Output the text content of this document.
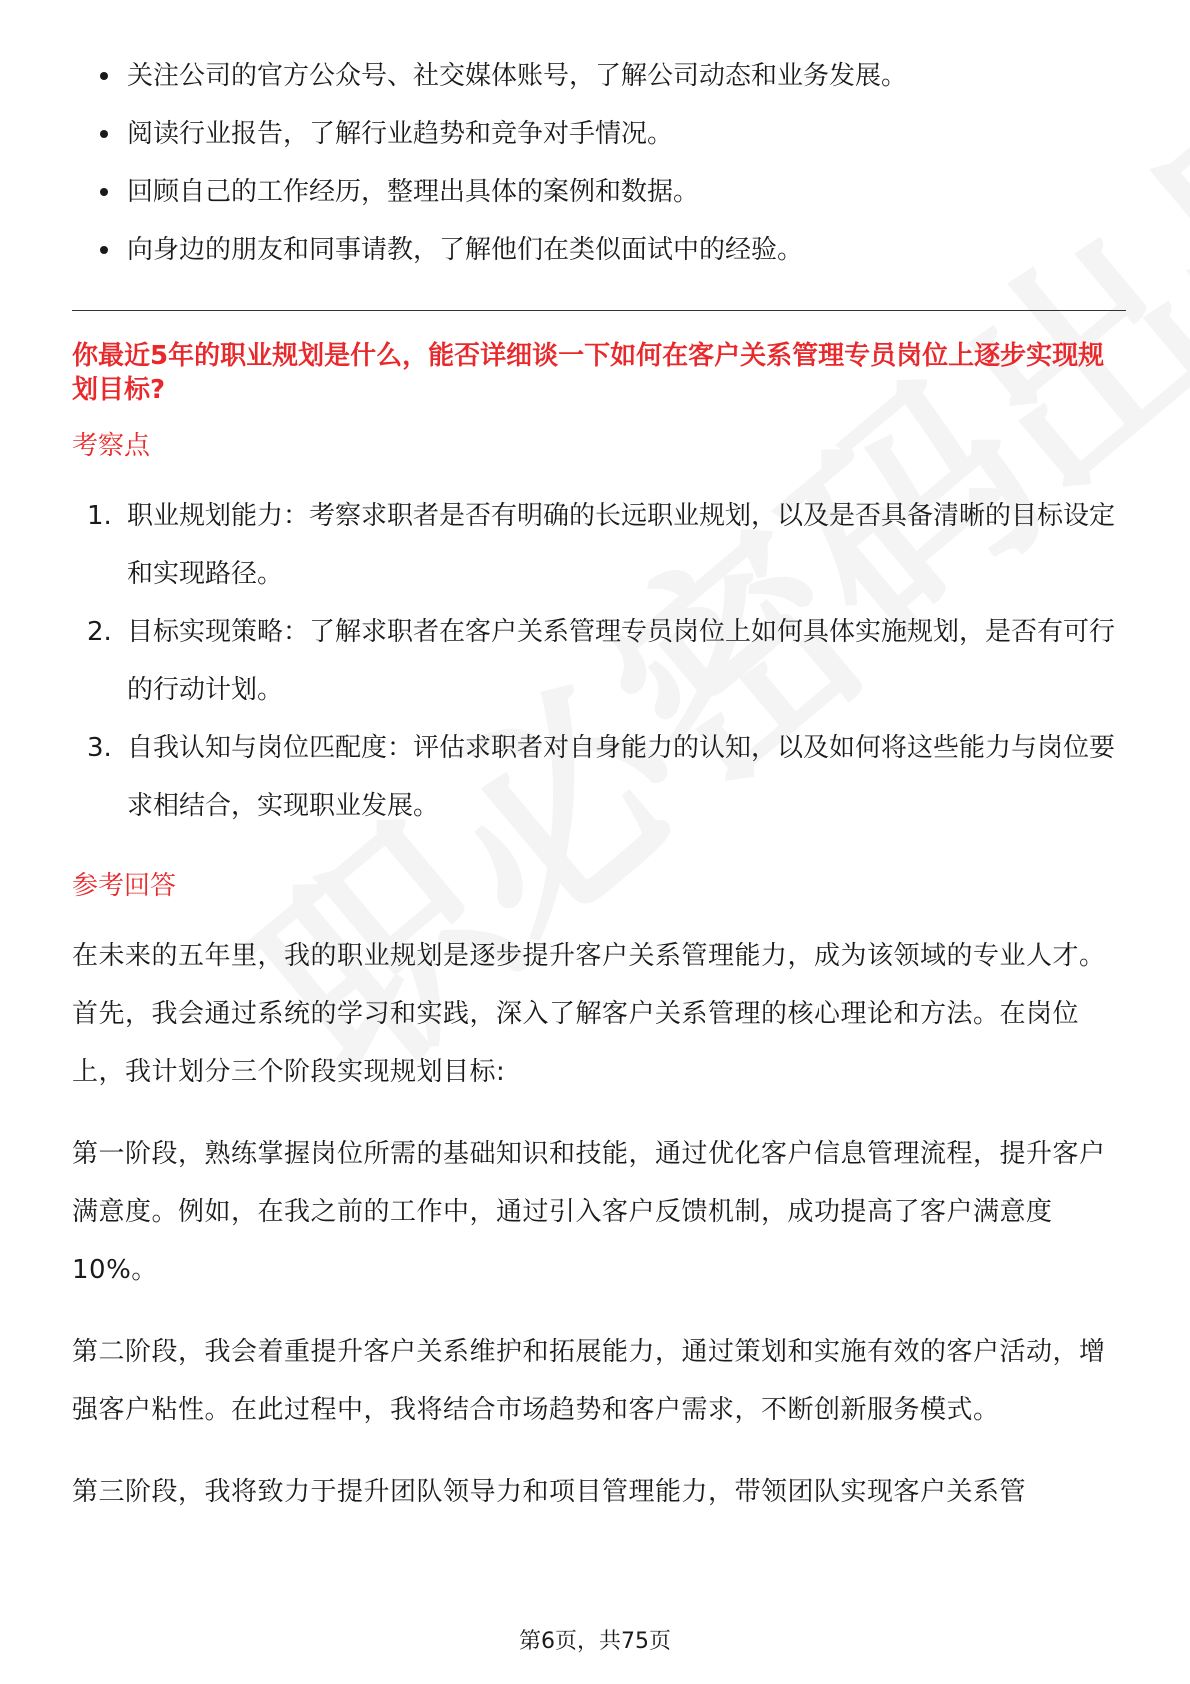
关注公司的官方公众号、社交媒体账号，了解公司动态和业务发展。
阅读行业报告，了解行业趋势和竞争对手情况。
回顾自己的工作经历，整理出具体的案例和数据。
向身边的朋友和同事请教，了解他们在类似面试中的经验。
你最近5年的职业规划是什么，能否详细谈一下如何在客户关系管理专员岗位上逐步实现规划目标?
考察点
1. 职业规划能力：考察求职者是否有明确的长远职业规划，以及是否具备清晰的目标设定和实现路径。
2. 目标实现策略：了解求职者在客户关系管理专员岗位上如何具体实施规划，是否有可行的行动计划。
3. 自我认知与岗位匹配度：评估求职者对自身能力的认知，以及如何将这些能力与岗位要求相结合，实现职业发展。
参考回答

在未来的五年里，我的职业规划是逐步提升客户关系管理能力，成为该领域的专业人才。首先，我会通过系统的学习和实践，深入了解客户关系管理的核心理论和方法。在岗位上，我计划分三个阶段实现规划目标:

第一阶段，熟练掌握岗位所需的基础知识和技能，通过优化客户信息管理流程，提升客户满意度。例如，在我之前的工作中，通过引入客户反馈机制，成功提高了客户满意度10%。

第二阶段，我会着重提升客户关系维护和拓展能力，通过策划和实施有效的客户活动，增强客户粘性。在此过程中，我将结合市场趋势和客户需求，不断创新服务模式。

第三阶段，我将致力于提升团队领导力和项目管理能力，带领团队实现客户关系管

第6页，共75页
